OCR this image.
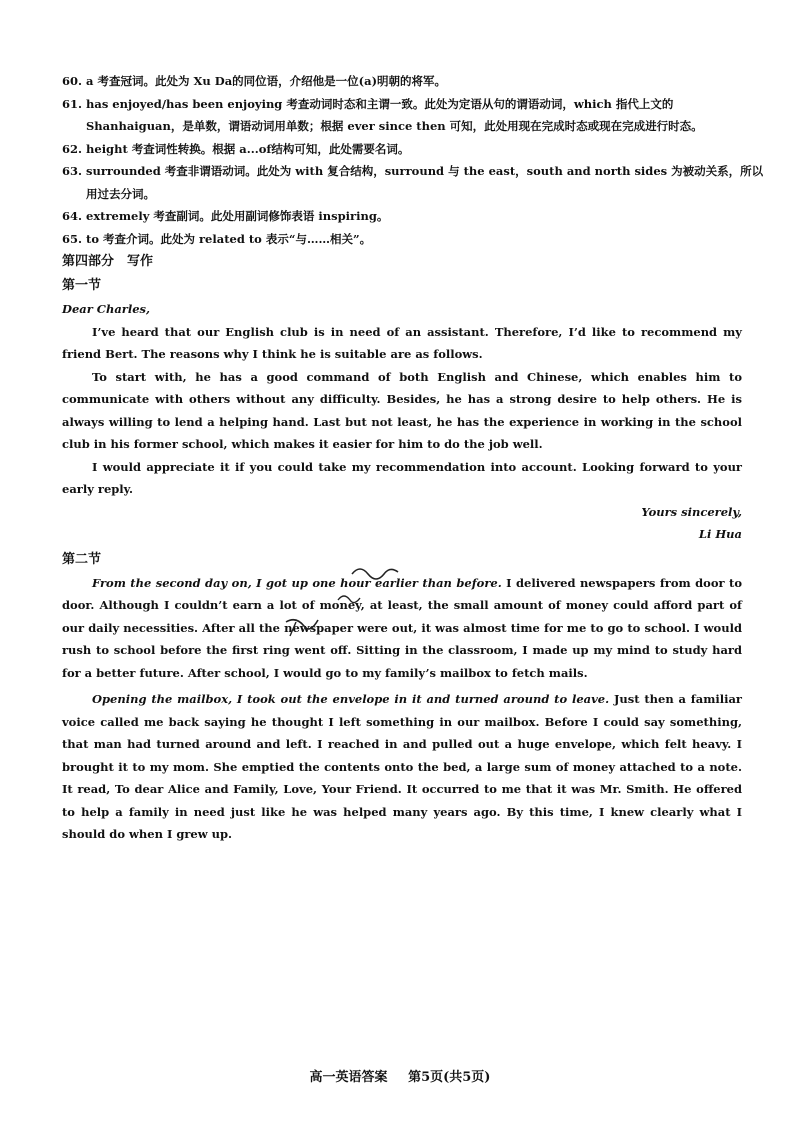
60. a 考查冠词。此处为 Xu Da的同位语，介绍他是一位(a)明朝的将军。
61. has enjoyed/has been enjoying 考查动词时态和主谓一致。此处为定语从句的谓语动词，which 指代上文的
Shanhaiguan，是单数，谓语动词用单数；根据 ever since then 可知，此处用现在完成时态或现在完成进行时态。
62. height 考查词性转换。根据 a...of结构可知，此处需要名词。
63. surrounded 考查非谓语动词。此处为 with 复合结构，surround 与 the east，south and north sides 为被动关系，所以
用过去分词。
64. extremely 考查副词。此处用副词修饰表语 inspiring。
65. to 考查介词。此处为 related to 表示“与……相关”。
第四部分　写作
第一节
Dear Charles,
I’ve heard that our English club is in need of an assistant. Therefore, I’d like to recommend my friend Bert. The reasons why I think he is suitable are as follows.
To start with, he has a good command of both English and Chinese, which enables him to communicate with others without any difficulty. Besides, he has a strong desire to help others. He is always willing to lend a helping hand. Last but not least, he has the experience in working in the school club in his former school, which makes it easier for him to do the job well.
I would appreciate it if you could take my recommendation into account. Looking forward to your early reply.
Yours sincerely,
Li Hua
第二节
From the second day on, I got up one hour earlier than before. I delivered newspapers from door to door. Although I couldn’t earn a lot of money, at least, the small amount of money could afford part of our daily necessities. After all the newspaper were out, it was almost time for me to go to school. I would rush to school before the first ring went off. Sitting in the classroom, I made up my mind to study hard for a better future. After school, I would go to my family’s mailbox to fetch mails.
Opening the mailbox, I took out the envelope in it and turned around to leave. Just then a familiar voice called me back saying he thought I left something in our mailbox. Before I could say something, that man had turned around and left. I reached in and pulled out a huge envelope, which felt heavy. I brought it to my mom. She emptied the contents onto the bed, a large sum of money attached to a note. It read, To dear Alice and Family, Love, Your Friend. It occurred to me that it was Mr. Smith. He offered to help a family in need just like he was helped many years ago. By this time, I knew clearly what I should do when I grew up.
高一英语答案 第5页(共5页)
